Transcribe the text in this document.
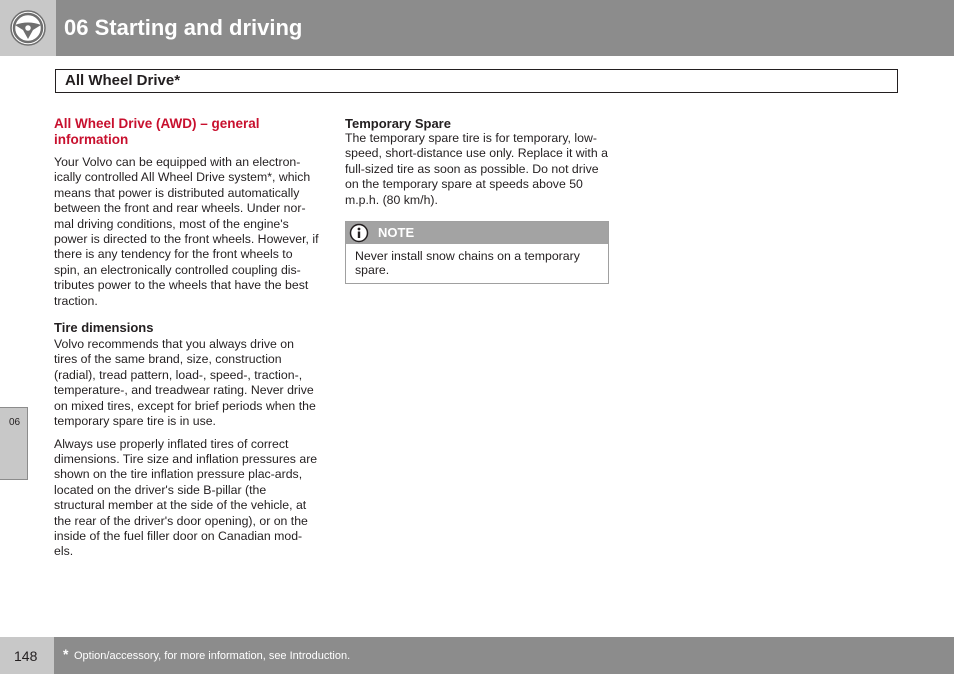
06 Starting and driving
All Wheel Drive*
All Wheel Drive (AWD) – general information

Your Volvo can be equipped with an electron-ically controlled All Wheel Drive system*, which means that power is distributed automatically between the front and rear wheels. Under nor-mal driving conditions, most of the engine's power is directed to the front wheels. However, if there is any tendency for the front wheels to spin, an electronically controlled coupling dis-tributes power to the wheels that have the best traction.

Tire dimensions

Volvo recommends that you always drive on tires of the same brand, size, construction (radial), tread pattern, load-, speed-, traction-, temperature-, and treadwear rating. Never drive on mixed tires, except for brief periods when the temporary spare tire is in use.

Always use properly inflated tires of correct dimensions. Tire size and inflation pressures are shown on the tire inflation pressure plac-ards, located on the driver's side B-pillar (the structural member at the side of the vehicle, at the rear of the driver's door opening), or on the inside of the fuel filler door on Canadian mod-els.

Temporary Spare

The temporary spare tire is for temporary, low-speed, short-distance use only. Replace it with a full-sized tire as soon as possible. Do not drive on the temporary spare at speeds above 50 m.p.h. (80 km/h).

NOTE
Never install snow chains on a temporary spare.
06
148 * Option/accessory, for more information, see Introduction.
